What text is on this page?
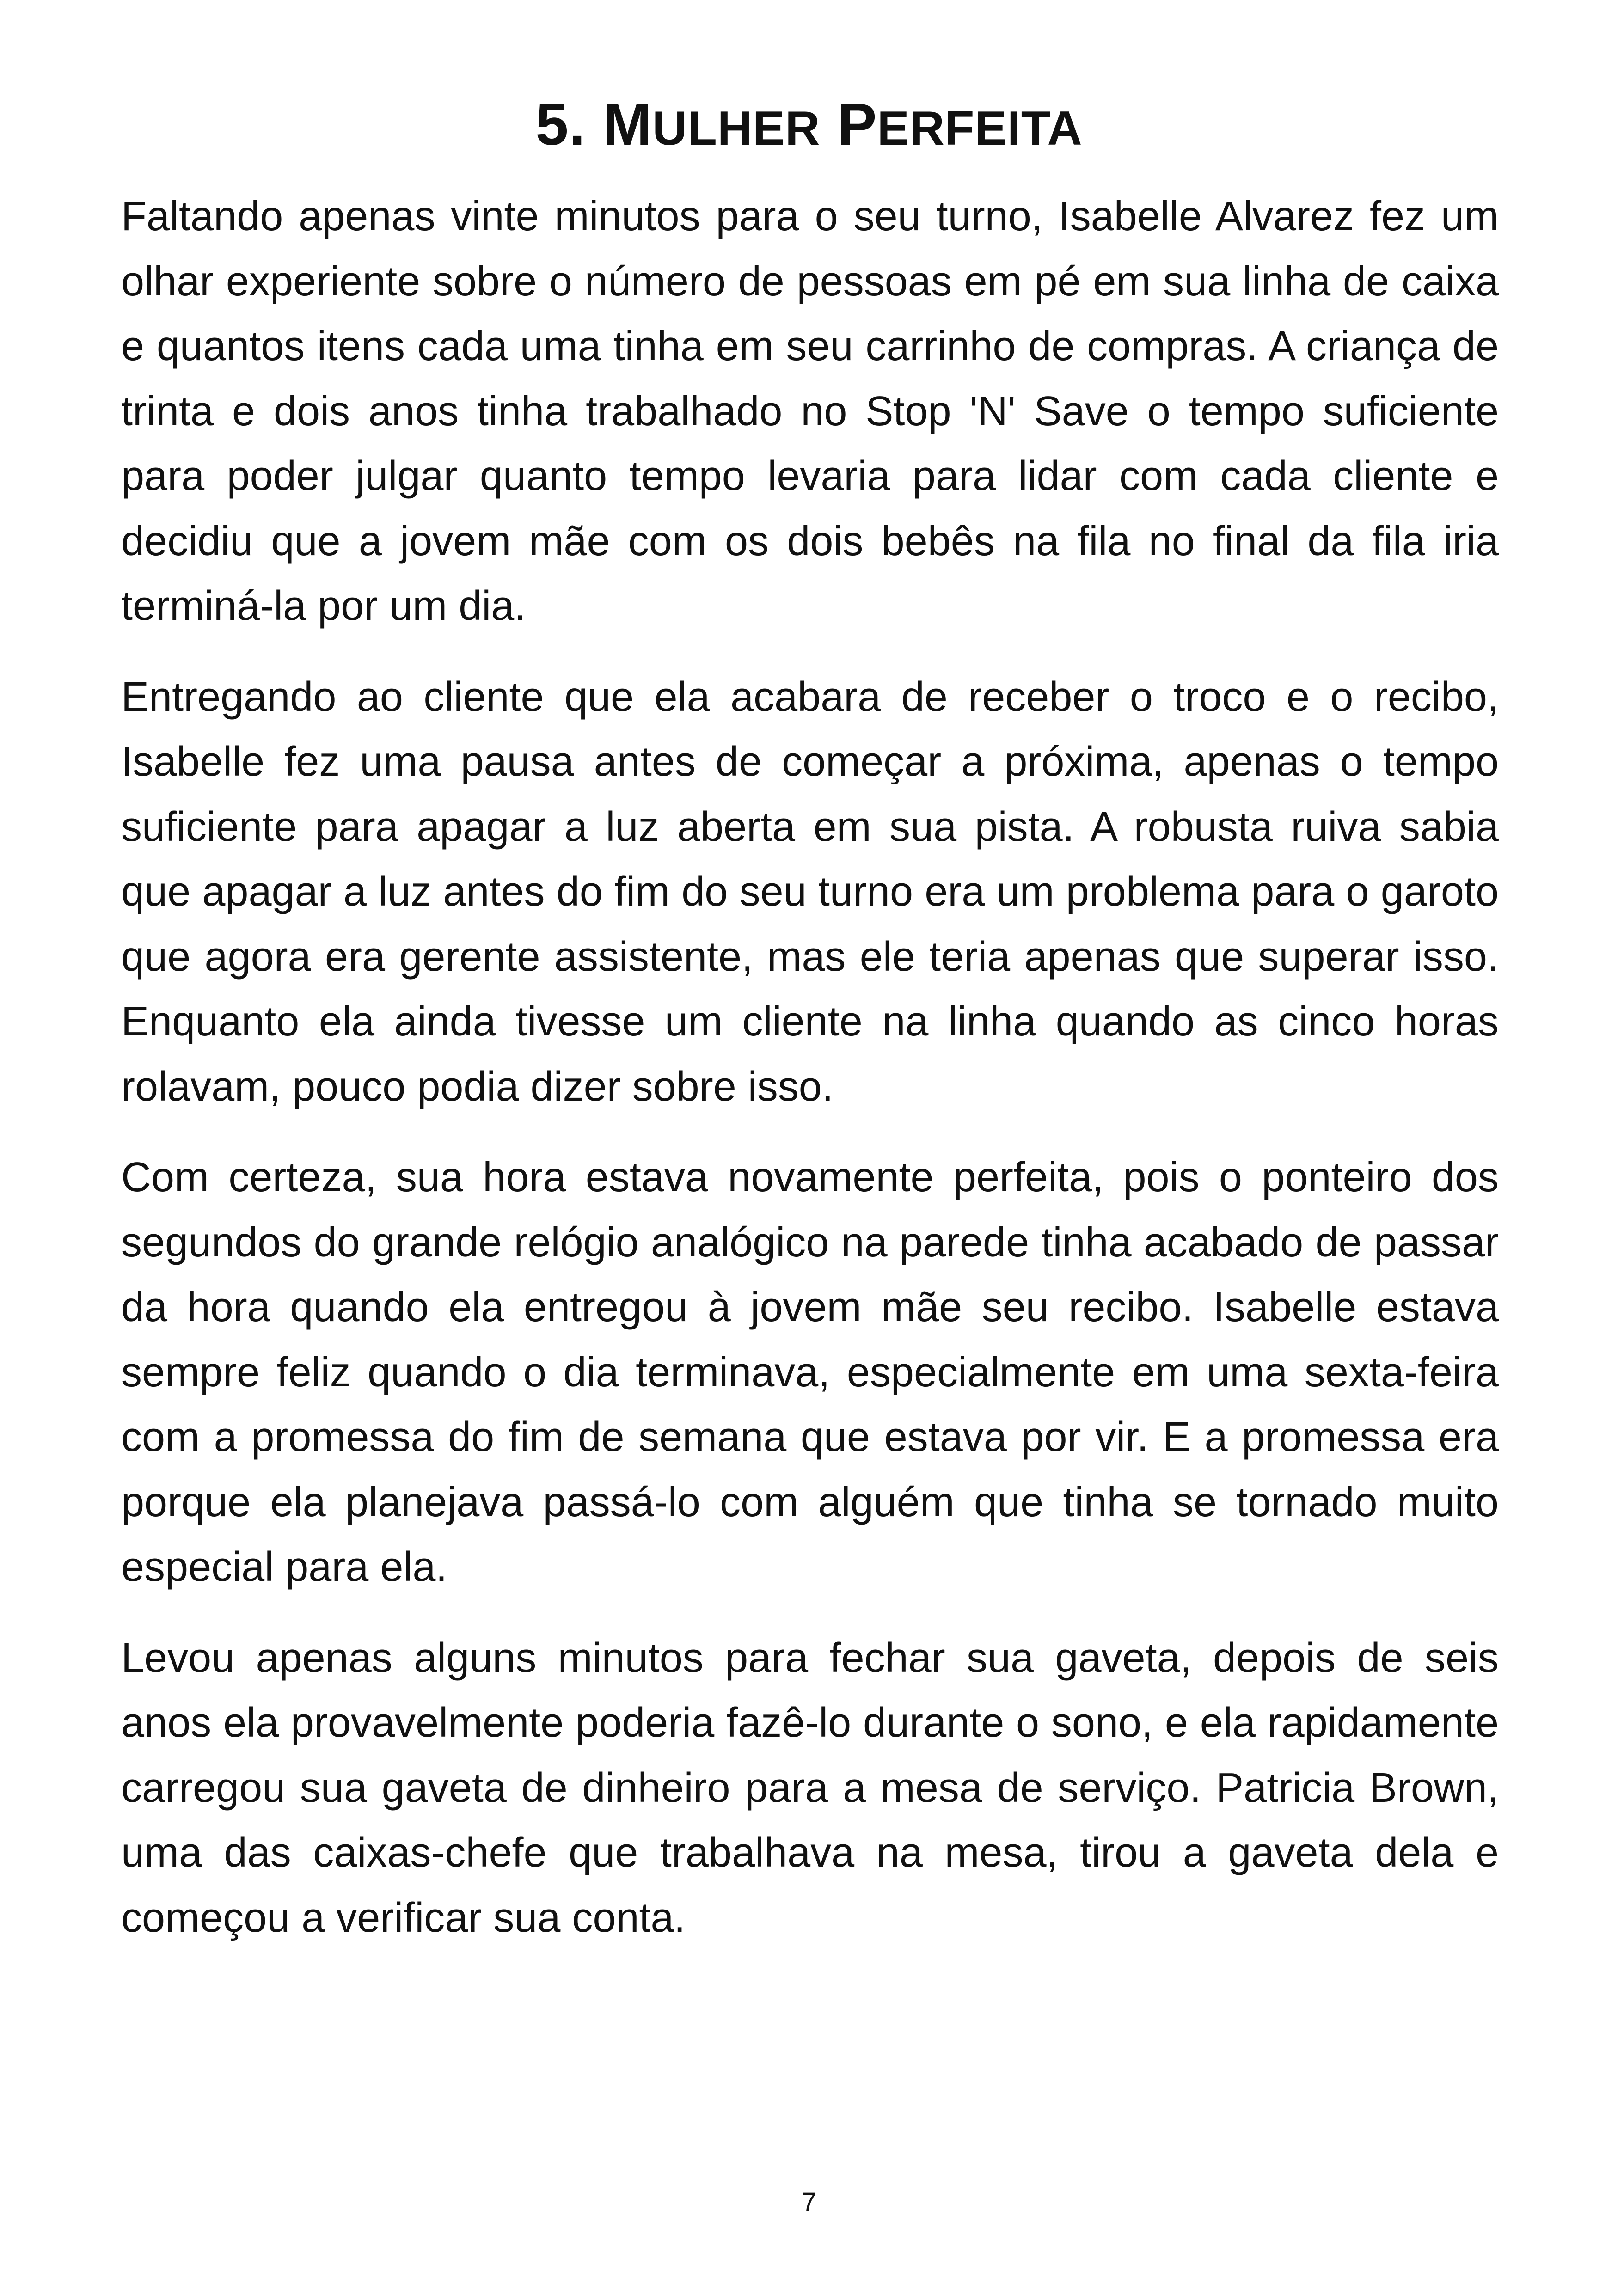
5. MULHER PERFEITA

Faltando apenas vinte minutos para o seu turno, Isabelle Alvarez fez um olhar experiente sobre o número de pessoas em pé em sua linha de caixa e quantos itens cada uma tinha em seu carrinho de compras. A criança de trinta e dois anos tinha trabalhado no Stop 'N' Save o tempo suficiente para poder julgar quanto tempo levaria para lidar com cada cliente e decidiu que a jovem mãe com os dois bebês na fila no final da fila iria terminá-la por um dia.

Entregando ao cliente que ela acabara de receber o troco e o recibo, Isabelle fez uma pausa antes de começar a próxima, apenas o tempo suficiente para apagar a luz aberta em sua pista. A robusta ruiva sabia que apagar a luz antes do fim do seu turno era um problema para o garoto que agora era gerente assistente, mas ele teria apenas que superar isso. Enquanto ela ainda tivesse um cliente na linha quando as cinco horas rolavam, pouco podia dizer sobre isso.

Com certeza, sua hora estava novamente perfeita, pois o ponteiro dos segundos do grande relógio analógico na parede tinha acabado de passar da hora quando ela entregou à jovem mãe seu recibo. Isabelle estava sempre feliz quando o dia terminava, especialmente em uma sexta-feira com a promessa do fim de semana que estava por vir. E a promessa era porque ela planejava passá-lo com alguém que tinha se tornado muito especial para ela.

Levou apenas alguns minutos para fechar sua gaveta, depois de seis anos ela provavelmente poderia fazê-lo durante o sono, e ela rapidamente carregou sua gaveta de dinheiro para a mesa de serviço. Patricia Brown, uma das caixas-chefe que trabalhava na mesa, tirou a gaveta dela e começou a verificar sua conta.

7
